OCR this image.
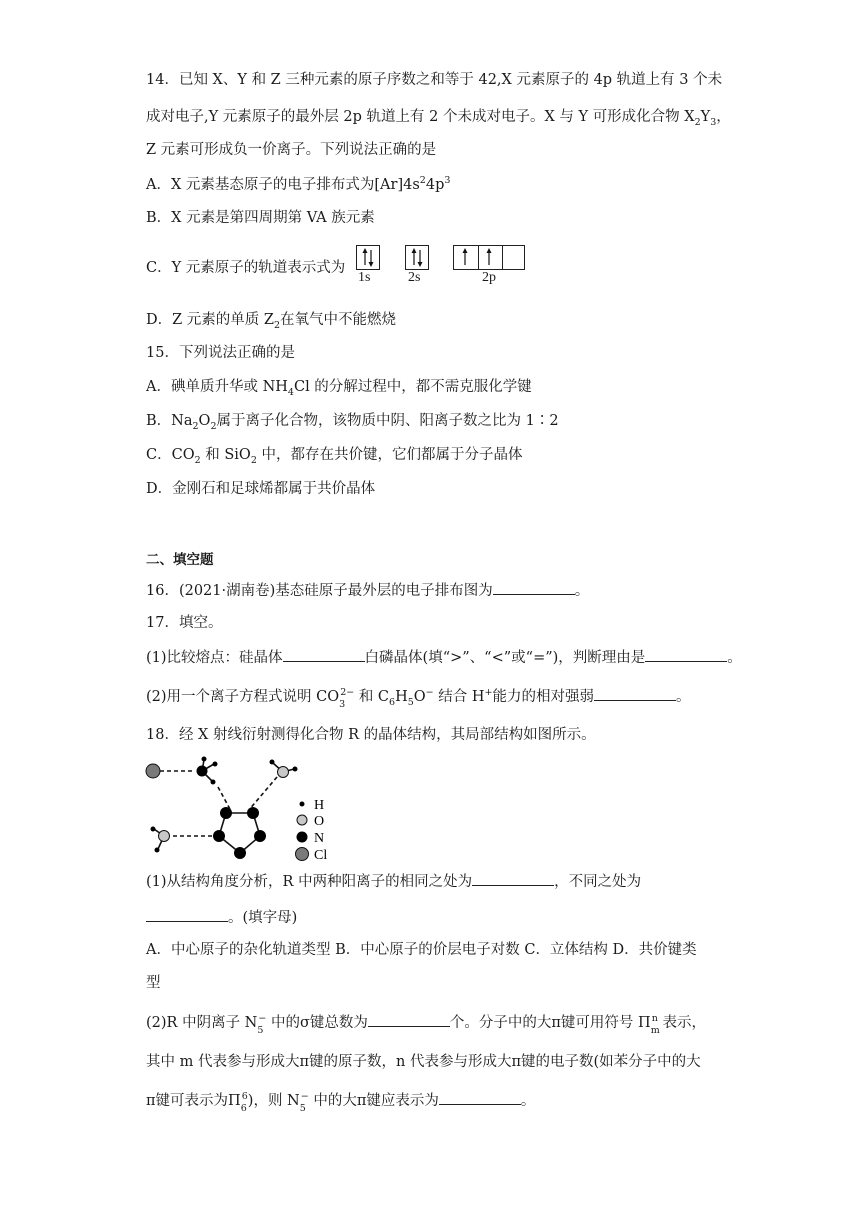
14．已知 X、Y 和 Z 三种元素的原子序数之和等于 42,X 元素原子的 4p 轨道上有 3 个未
成对电子,Y 元素原子的最外层 2p 轨道上有 2 个未成对电子。X 与 Y 可形成化合物 $X_2Y_3$，
Z 元素可形成负一价离子。下列说法正确的是
A．X 元素基态原子的电子排布式为$[Ar]4s^24p^3$
B．X 元素是第四周期第 VA 族元素
C．Y 元素原子的轨道表示式为
1s	2s	2p
D．Z 元素的单质 $Z_2$在氧气中不能燃烧
15．下列说法正确的是
A．碘单质升华或 $NH_4Cl$ 的分解过程中，都不需克服化学键
B．$Na_2O_2$属于离子化合物，该物质中阴、阳离子数之比为 1∶2
C．$CO_2$ 和 SiO$_2$ 中，都存在共价键，它们都属于分子晶体
D．金刚石和足球烯都属于共价晶体
二、填空题
16．(2021·湖南卷)基态硅原子最外层的电子排布图为	。
17．填空。
(1)比较熔点：硅晶体	白磷晶体(填“>”、“<”或“=”)，判断理由是	。
(2)用一个离子方程式说明 $CO_3^{2-}$ 和 $C_6H_5O^-$ 结合 H+能力的相对强弱	。
18．经 X 射线衍射测得化合物 R 的晶体结构，其局部结构如图所示。
H
O
N
Cl
(1)从结构角度分析，R 中两种阳离子的相同之处为	，不同之处为
。(填字母)
A．中心原子的杂化轨道类型 B．中心原子的价层电子对数 C．立体结构 D．共价键类
型
(2)R 中阴离子 $N_5^-$ 中的σ键总数为	个。分子中的大π键可用符号 $\Pi_m^n$ 表示，
其中 m 代表参与形成大π键的原子数，n 代表参与形成大π键的电子数(如苯分子中的大
π键可表示为$\Pi_6^6$)，则 $N_5^-$ 中的大π键应表示为	。
